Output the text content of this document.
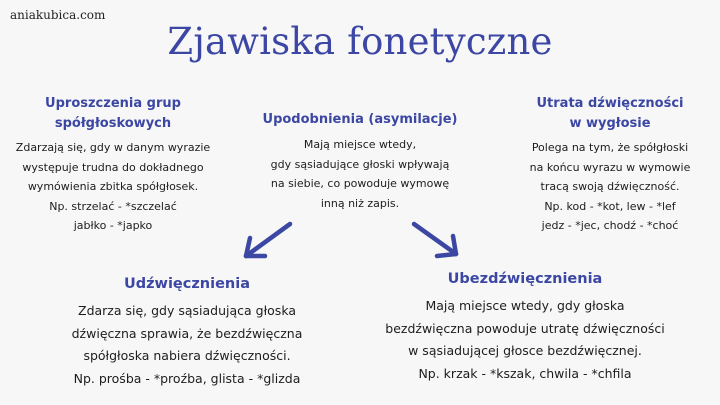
aniakubica.com
Zjawiska fonetyczne
Uproszczenia grup
spółgłoskowych
Zdarzają się, gdy w danym wyrazie
występuje trudna do dokładnego
wymówienia zbitka spółgłosek.
Np. strzelać - *szczelać
jabłko - *japko
Upodobnienia (asymilacje)
Mają miejsce wtedy,
gdy sąsiadujące głoski wpływają
na siebie, co powoduje wymowę
inną niż zapis.
Utrata dźwięczności
w wygłosie
Polega na tym, że spółgłoski
na końcu wyrazu w wymowie
tracą swoją dźwięczność.
Np. kod - *kot, lew - *lef
jedz - *jec, chodź - *choć
Udźwięcznienia
Zdarza się, gdy sąsiadująca głoska
dźwięczna sprawia, że bezdźwięczna
spółgłoska nabiera dźwięczności.
Np. prośba - *proźba, glista - *glizda
Ubezdźwięcznienia
Mają miejsce wtedy, gdy głoska
bezdźwięczna powoduje utratę dźwięczności
w sąsiadującej głosce bezdźwięcznej.
Np. krzak - *kszak, chwila - *chfila
